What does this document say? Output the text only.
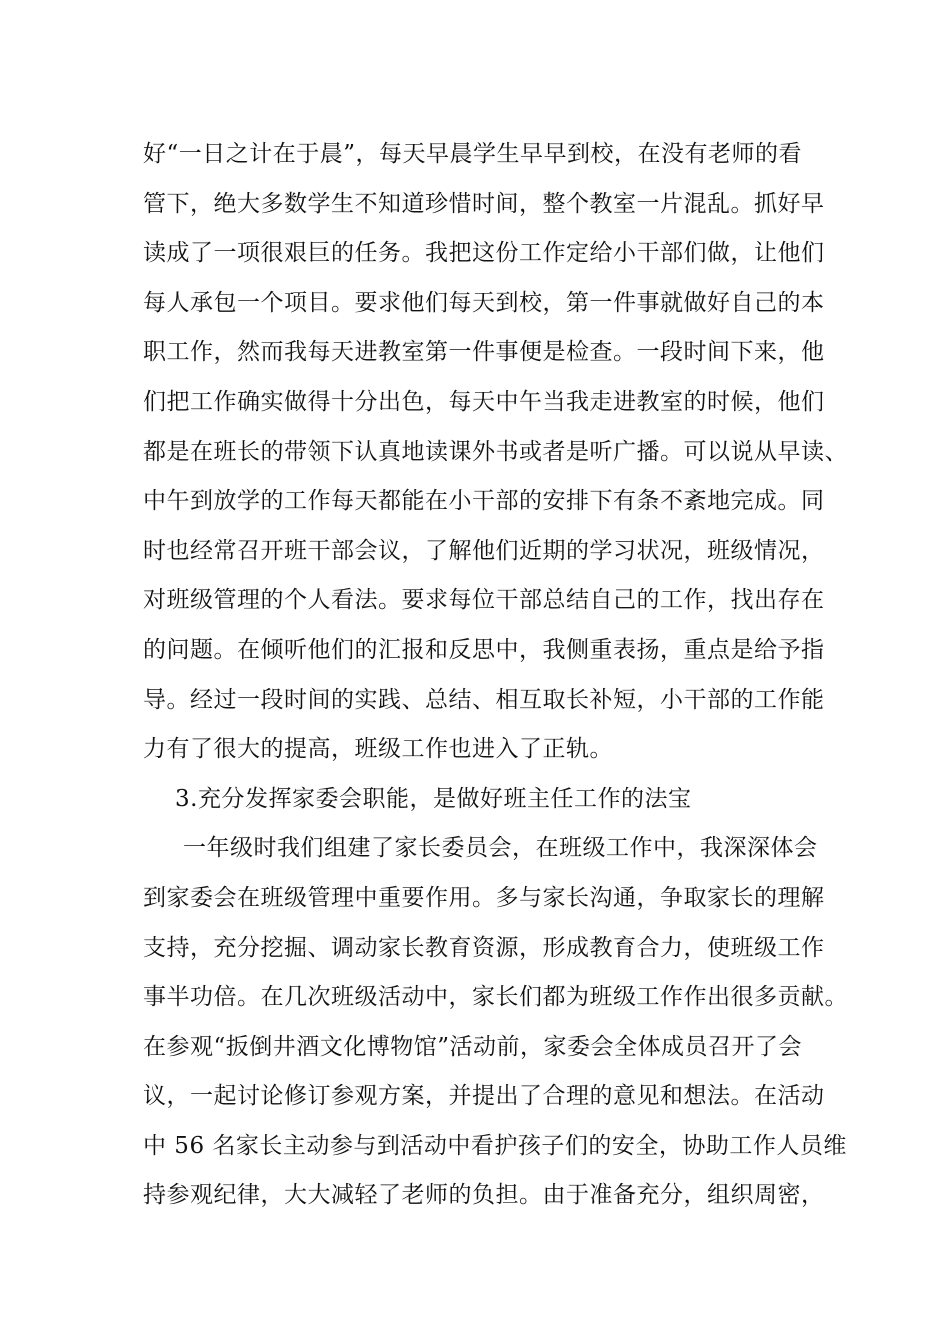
好“一日之计在于晨”，每天早晨学生早早到校，在没有老师的看
管下，绝大多数学生不知道珍惜时间，整个教室一片混乱。抓好早
读成了一项很艰巨的任务。我把这份工作定给小干部们做，让他们
每人承包一个项目。要求他们每天到校，第一件事就做好自己的本
职工作，然而我每天进教室第一件事便是检查。一段时间下来，他
们把工作确实做得十分出色，每天中午当我走进教室的时候，他们
都是在班长的带领下认真地读课外书或者是听广播。可以说从早读、
中午到放学的工作每天都能在小干部的安排下有条不紊地完成。同
时也经常召开班干部会议，了解他们近期的学习状况，班级情况，
对班级管理的个人看法。要求每位干部总结自己的工作，找出存在
的问题。在倾听他们的汇报和反思中，我侧重表扬，重点是给予指
导。经过一段时间的实践、总结、相互取长补短，小干部的工作能
力有了很大的提高，班级工作也进入了正轨。
3.充分发挥家委会职能，是做好班主任工作的法宝
一年级时我们组建了家长委员会，在班级工作中，我深深体会
到家委会在班级管理中重要作用。多与家长沟通，争取家长的理解
支持，充分挖掘、调动家长教育资源，形成教育合力，使班级工作
事半功倍。在几次班级活动中，家长们都为班级工作作出很多贡献。
在参观“扳倒井酒文化博物馆”活动前，家委会全体成员召开了会
议，一起讨论修订参观方案，并提出了合理的意见和想法。在活动
中 56 名家长主动参与到活动中看护孩子们的安全，协助工作人员维
持参观纪律，大大减轻了老师的负担。由于准备充分，组织周密，
